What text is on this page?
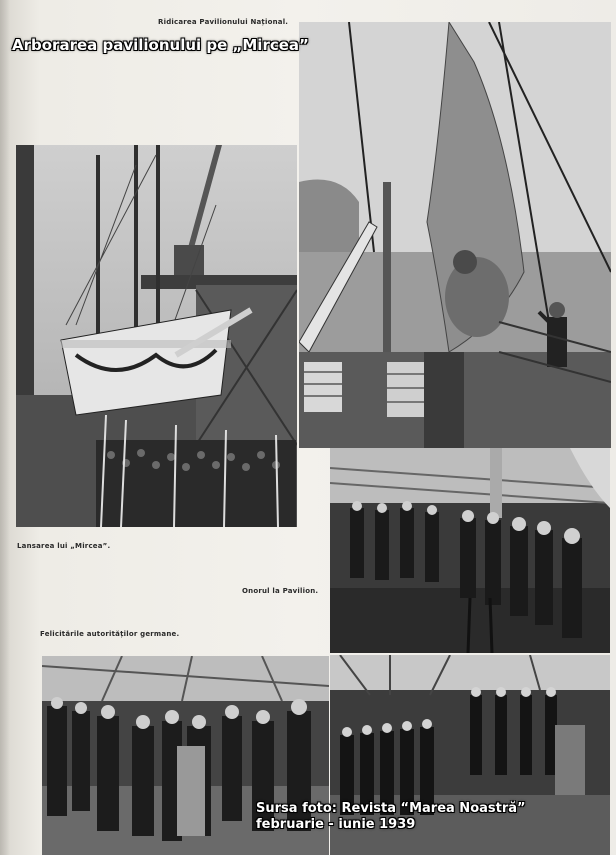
Ridicarea Pavilionului Național.
Lansarea lui „Mircea”.
Onorul la Pavilion.
Felicitările autorităților germane.
Arborarea pavilionului pe „Mircea”
Sursa foto: Revista “Marea Noastră”
februarie - iunie 1939
